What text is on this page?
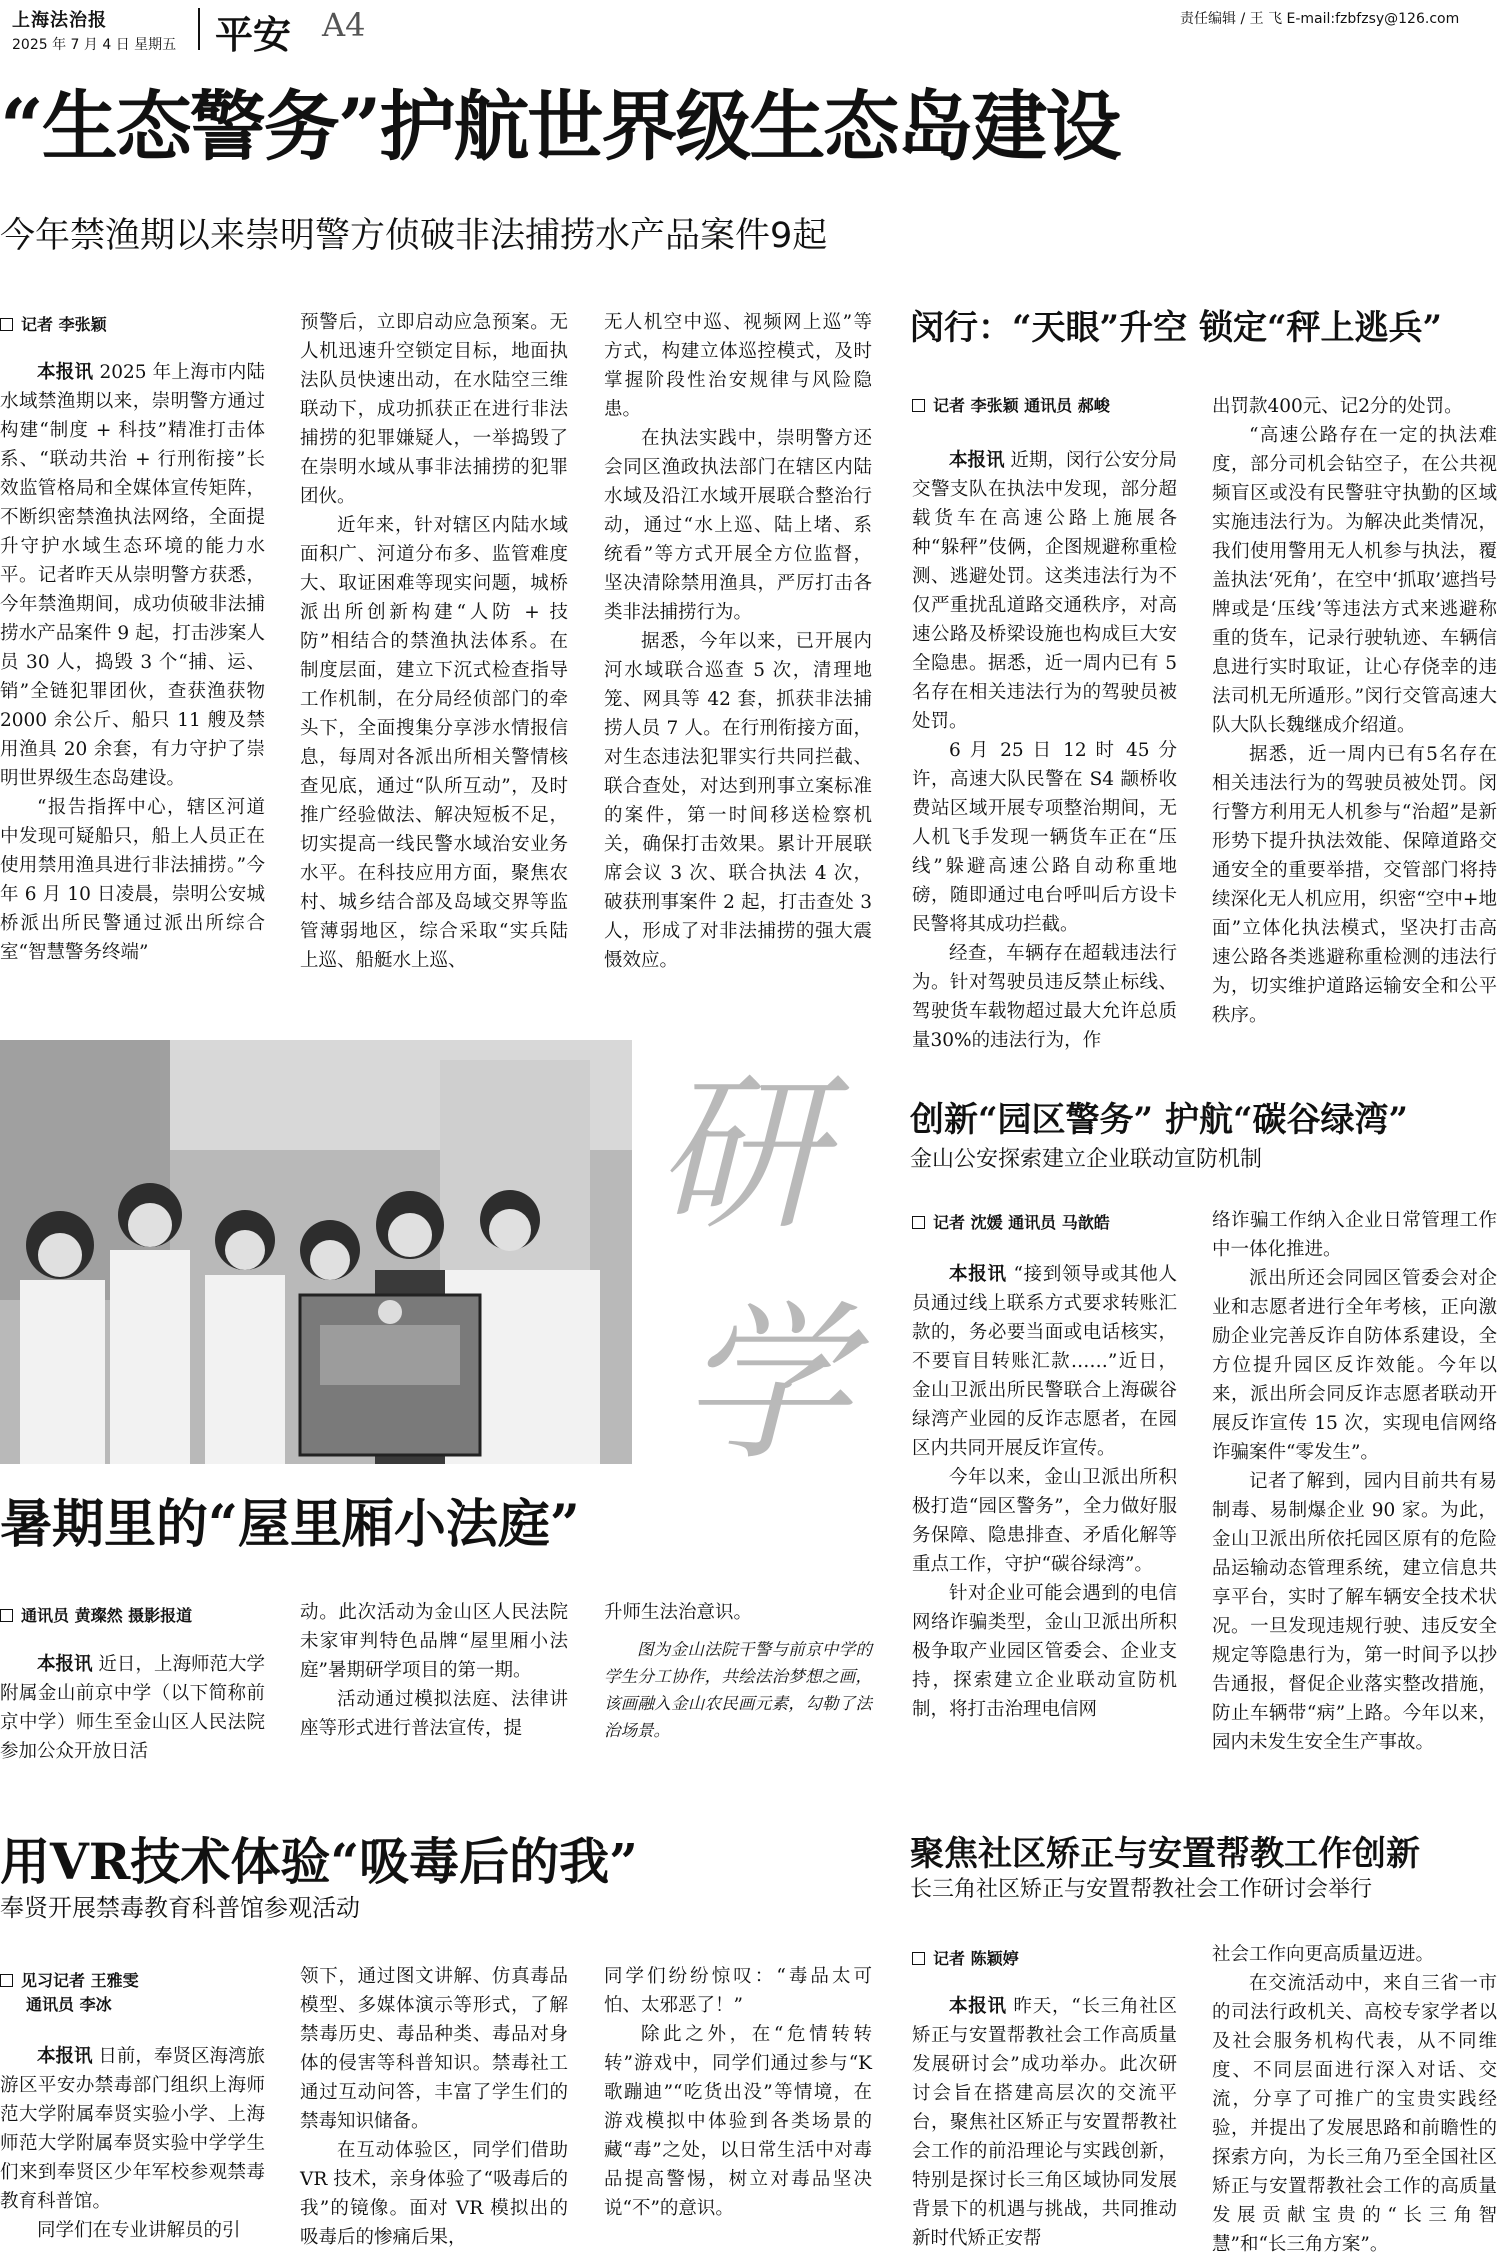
上海法治报
2025 年 7 月 4 日 星期五 平安 A4	责任编辑 / 王 飞 E-mail:fzbfzsy@126.com
“生态警务”护航世界级生态岛建设
今年禁渔期以来崇明警方侦破非法捕捞水产品案件9起
记者 李张颖

本报讯 2025 年上海市内陆水域禁渔期以来，崇明警方通过构建“制度 + 科技”精准打击体系、“联动共治 + 行刑衔接”长效监管格局和全媒体宣传矩阵，不断织密禁渔执法网络，全面提升守护水域生态环境的能力水平。记者昨天从崇明警方获悉，今年禁渔期间，成功侦破非法捕捞水产品案件 9 起，打击涉案人员 30 人，捣毁 3 个“捕、运、销”全链犯罪团伙，查获渔获物 2000 余公斤、船只 11 艘及禁用渔具 20 余套，有力守护了崇明世界级生态岛建设。

“报告指挥中心，辖区河道中发现可疑船只，船上人员正在使用禁用渔具进行非法捕捞。”今年 6 月 10 日凌晨，崇明公安城桥派出所民警通过派出所综合室“智慧警务终端”

预警后，立即启动应急预案。无人机迅速升空锁定目标，地面执法队员快速出动，在水陆空三维联动下，成功抓获正在进行非法捕捞的犯罪嫌疑人，一举捣毁了在崇明水域从事非法捕捞的犯罪团伙。

近年来，针对辖区内陆水域面积广、河道分布多、监管难度大、取证困难等现实问题，城桥派出所创新构建“人防 + 技防”相结合的禁渔执法体系。在制度层面，建立下沉式检查指导工作机制，在分局经侦部门的牵头下，全面搜集分享涉水情报信息，每周对各派出所相关警情核查见底，通过“队所互动”，及时推广经验做法、解决短板不足，切实提高一线民警水域治安业务水平。在科技应用方面，聚焦农村、城乡结合部及岛域交界等监管薄弱地区，综合采取“实兵陆上巡、船艇水上巡、

无人机空中巡、视频网上巡”等方式，构建立体巡控模式，及时掌握阶段性治安规律与风险隐患。

在执法实践中，崇明警方还会同区渔政执法部门在辖区内陆水域及沿江水域开展联合整治行动，通过“水上巡、陆上堵、系统看”等方式开展全方位监督，坚决清除禁用渔具，严厉打击各类非法捕捞行为。

据悉，今年以来，已开展内河水域联合巡查 5 次，清理地笼、网具等 42 套，抓获非法捕捞人员 7 人。在行刑衔接方面，对生态违法犯罪实行共同拦截、联合查处，对达到刑事立案标准的案件，第一时间移送检察机关，确保打击效果。累计开展联席会议 3 次、联合执法 4 次，破获刑事案件 2 起，打击查处 3 人，形成了对非法捕捞的强大震慑效应。

闵行：“天眼”升空 锁定“秤上逃兵”
记者 李张颖 通讯员 郝峻

本报讯 近期，闵行公安分局交警支队在执法中发现，部分超载货车在高速公路上施展各种“躲秤”伎俩，企图规避称重检测、逃避处罚。这类违法行为不仅严重扰乱道路交通秩序，对高速公路及桥梁设施也构成巨大安全隐患。据悉，近一周内已有 5 名存在相关违法行为的驾驶员被处罚。

6 月 25 日 12 时 45 分许，高速大队民警在 S4 颛桥收费站区域开展专项整治期间，无人机飞手发现一辆货车正在“压线”躲避高速公路自动称重地磅，随即通过电台呼叫后方设卡民警将其成功拦截。

经查，车辆存在超载违法行为。针对驾驶员违反禁止标线、驾驶货车载物超过最大允许总质量30%的违法行为，作

出罚款400元、记2分的处罚。

“高速公路存在一定的执法难度，部分司机会钻空子，在公共视频盲区或没有民警驻守执勤的区域实施违法行为。为解决此类情况，我们使用警用无人机参与执法，覆盖执法‘死角’，在空中‘抓取’遮挡号牌或是‘压线’等违法方式来逃避称重的货车，记录行驶轨迹、车辆信息进行实时取证，让心存侥幸的违法司机无所遁形。”闵行交管高速大队大队长魏继成介绍道。

据悉，近一周内已有5名存在相关违法行为的驾驶员被处罚。闵行警方利用无人机参与“治超”是新形势下提升执法效能、保障道路交通安全的重要举措，交管部门将持续深化无人机应用，织密“空中+地面”立体化执法模式，坚决打击高速公路各类逃避称重检测的违法行为，切实维护道路运输安全和公平秩序。

研
学
暑期里的“屋里厢小法庭”
通讯员 黄璨然 摄影报道

本报讯 近日，上海师范大学附属金山前京中学（以下简称前京中学）师生至金山区人民法院参加公众开放日活

动。此次活动为金山区人民法院未家审判特色品牌“屋里厢小法庭”暑期研学项目的第一期。

活动通过模拟法庭、法律讲座等形式进行普法宣传，提

升师生法治意识。

图为金山法院干警与前京中学的学生分工协作，共绘法治梦想之画，该画融入金山农民画元素，勾勒了法治场景。
创新“园区警务” 护航“碳谷绿湾”
金山公安探索建立企业联动宣防机制
记者 沈媛 通讯员 马歆皓

本报讯 “接到领导或其他人员通过线上联系方式要求转账汇款的，务必要当面或电话核实，不要盲目转账汇款……”近日，金山卫派出所民警联合上海碳谷绿湾产业园的反诈志愿者，在园区内共同开展反诈宣传。

今年以来，金山卫派出所积极打造“园区警务”，全力做好服务保障、隐患排查、矛盾化解等重点工作，守护“碳谷绿湾”。

针对企业可能会遇到的电信网络诈骗类型，金山卫派出所积极争取产业园区管委会、企业支持，探索建立企业联动宣防机制，将打击治理电信网

络诈骗工作纳入企业日常管理工作中一体化推进。

派出所还会同园区管委会对企业和志愿者进行全年考核，正向激励企业完善反诈自防体系建设，全方位提升园区反诈效能。今年以来，派出所会同反诈志愿者联动开展反诈宣传 15 次，实现电信网络诈骗案件“零发生”。

记者了解到，园内目前共有易制毒、易制爆企业 90 家。为此，金山卫派出所依托园区原有的危险品运输动态管理系统，建立信息共享平台，实时了解车辆安全技术状况。一旦发现违规行驶、违反安全规定等隐患行为，第一时间予以抄告通报，督促企业落实整改措施，防止车辆带“病”上路。今年以来，园内未发生安全生产事故。

用VR技术体验“吸毒后的我”
奉贤开展禁毒教育科普馆参观活动
见习记者 王雅雯
通讯员 李冰

本报讯 日前，奉贤区海湾旅游区平安办禁毒部门组织上海师范大学附属奉贤实验小学、上海师范大学附属奉贤实验中学学生们来到奉贤区少年军校参观禁毒教育科普馆。

同学们在专业讲解员的引

领下，通过图文讲解、仿真毒品模型、多媒体演示等形式，了解禁毒历史、毒品种类、毒品对身体的侵害等科普知识。禁毒社工通过互动问答，丰富了学生们的禁毒知识储备。

在互动体验区，同学们借助 VR 技术，亲身体验了“吸毒后的我”的镜像。面对 VR 模拟出的吸毒后的惨痛后果，

同学们纷纷惊叹：“毒品太可怕、太邪恶了！”

除此之外，在“危情转转转”游戏中，同学们通过参与“K 歌蹦迪”“吃货出没”等情境，在游戏模拟中体验到各类场景的藏“毒”之处，以日常生活中对毒品提高警惕，树立对毒品坚决说“不”的意识。

聚焦社区矫正与安置帮教工作创新
长三角社区矫正与安置帮教社会工作研讨会举行
记者 陈颖婷

本报讯 昨天，“长三角社区矫正与安置帮教社会工作高质量发展研讨会”成功举办。此次研讨会旨在搭建高层次的交流平台，聚焦社区矫正与安置帮教社会工作的前沿理论与实践创新，特别是探讨长三角区域协同发展背景下的机遇与挑战，共同推动新时代矫正安帮

社会工作向更高质量迈进。

在交流活动中，来自三省一市的司法行政机关、高校专家学者以及社会服务机构代表，从不同维度、不同层面进行深入对话、交流，分享了可推广的宝贵实践经验，并提出了发展思路和前瞻性的探索方向，为长三角乃至全国社区矫正与安置帮教社会工作的高质量发展贡献宝贵的“长三角智慧”和“长三角方案”。
